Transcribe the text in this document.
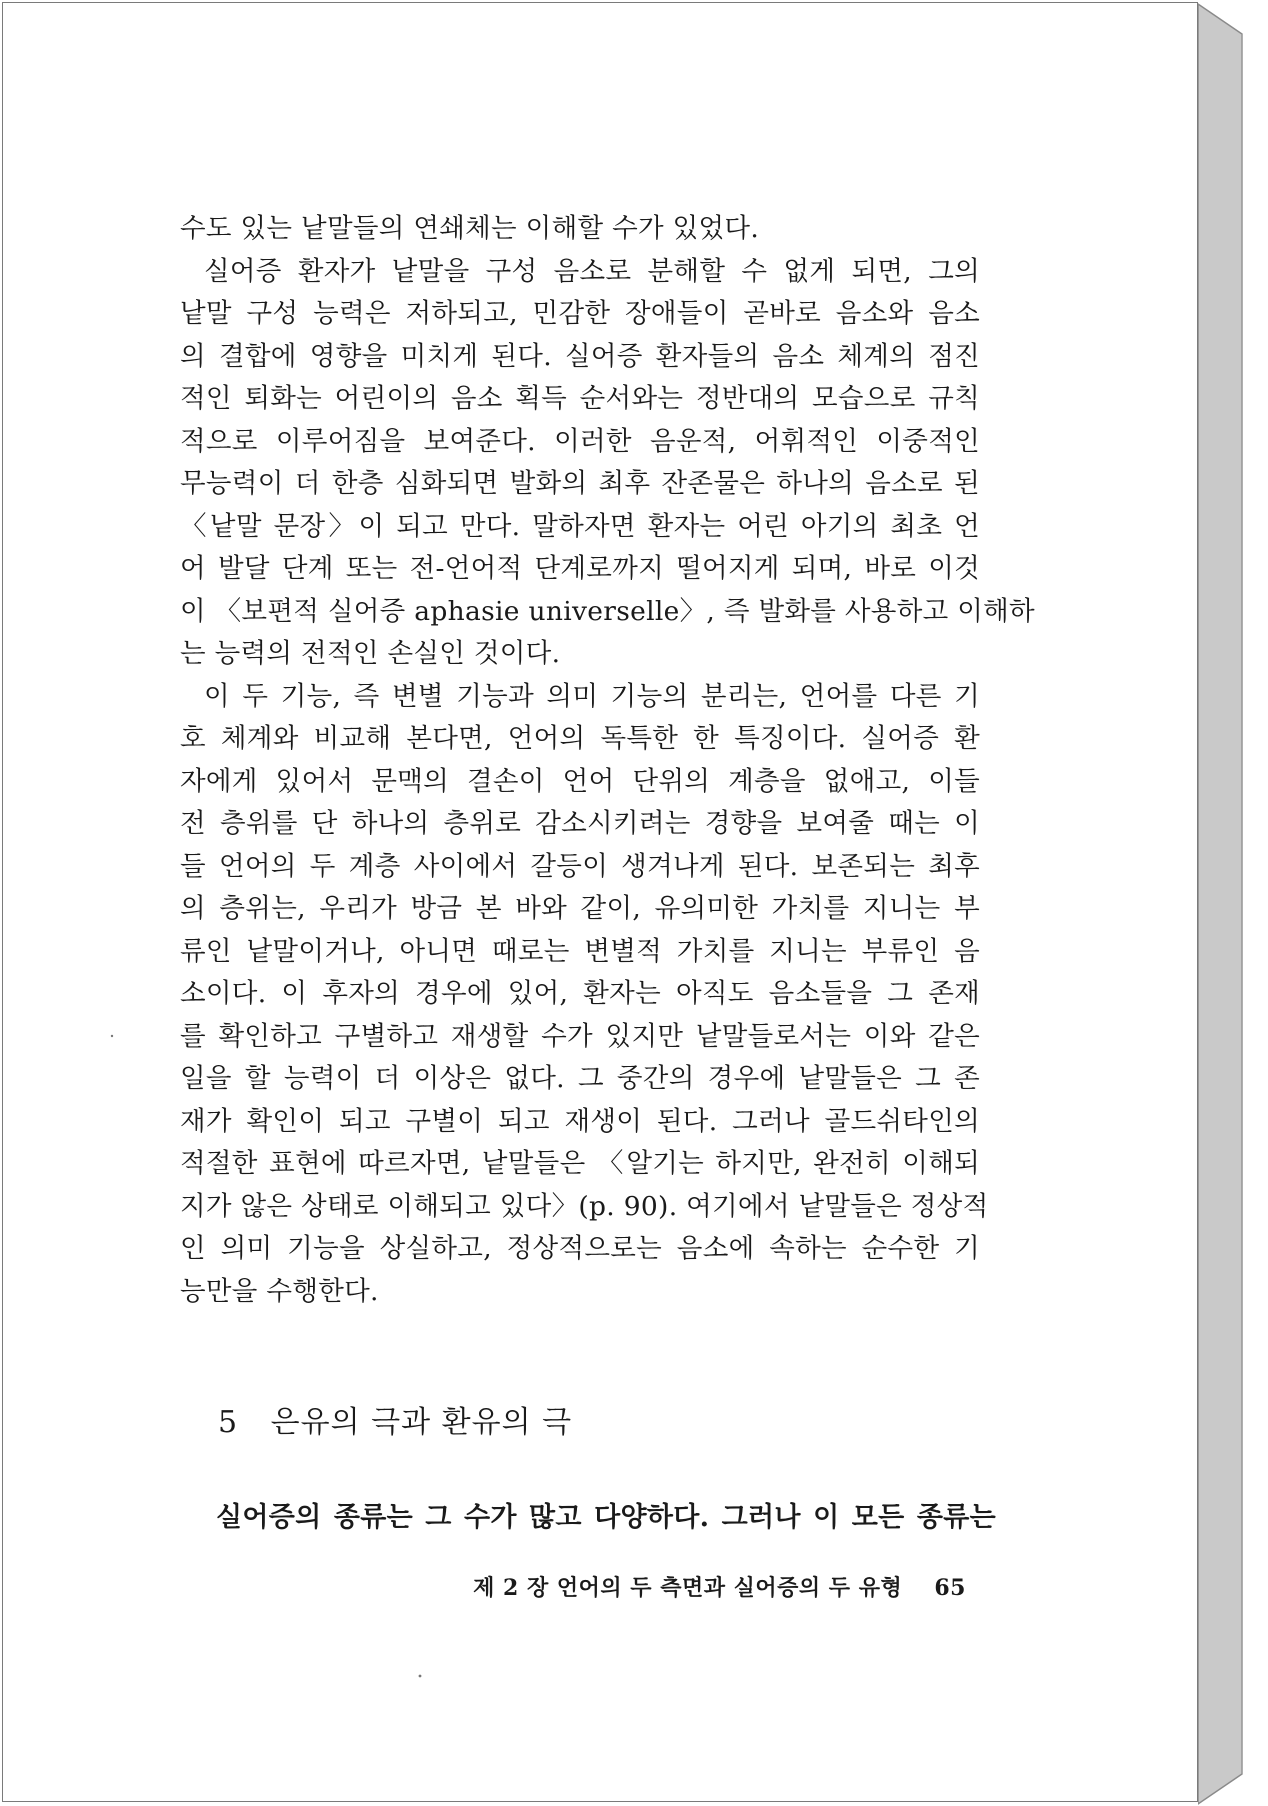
수도 있는 낱말들의 연쇄체는 이해할 수가 있었다.
실어증 환자가 낱말을 구성 음소로 분해할 수 없게 되면, 그의
낱말 구성 능력은 저하되고, 민감한 장애들이 곧바로 음소와 음소
의 결합에 영향을 미치게 된다. 실어증 환자들의 음소 체계의 점진
적인 퇴화는 어린이의 음소 획득 순서와는 정반대의 모습으로 규칙
적으로 이루어짐을 보여준다. 이러한 음운적, 어휘적인 이중적인
무능력이 더 한층 심화되면 발화의 최후 잔존물은 하나의 음소로 된
〈낱말 문장〉이 되고 만다. 말하자면 환자는 어린 아기의 최초 언
어 발달 단계 또는 전-언어적 단계로까지 떨어지게 되며, 바로 이것
이 〈보편적 실어증 aphasie universelle〉, 즉 발화를 사용하고 이해하
는 능력의 전적인 손실인 것이다.
이 두 기능, 즉 변별 기능과 의미 기능의 분리는, 언어를 다른 기
호 체계와 비교해 본다면, 언어의 독특한 한 특징이다. 실어증 환
자에게 있어서 문맥의 결손이 언어 단위의 계층을 없애고, 이들
전 층위를 단 하나의 층위로 감소시키려는 경향을 보여줄 때는 이
들 언어의 두 계층 사이에서 갈등이 생겨나게 된다. 보존되는 최후
의 층위는, 우리가 방금 본 바와 같이, 유의미한 가치를 지니는 부
류인 낱말이거나, 아니면 때로는 변별적 가치를 지니는 부류인 음
소이다. 이 후자의 경우에 있어, 환자는 아직도 음소들을 그 존재
를 확인하고 구별하고 재생할 수가 있지만 낱말들로서는 이와 같은
일을 할 능력이 더 이상은 없다. 그 중간의 경우에 낱말들은 그 존
재가 확인이 되고 구별이 되고 재생이 된다. 그러나 골드쉬타인의
적절한 표현에 따르자면, 낱말들은 〈알기는 하지만, 완전히 이해되
지가 않은 상태로 이해되고 있다〉(p. 90). 여기에서 낱말들은 정상적
인 의미 기능을 상실하고, 정상적으로는 음소에 속하는 순수한 기
능만을 수행한다.
5 은유의 극과 환유의 극

실어증의 종류는 그 수가 많고 다양하다. 그러나 이 모든 종류는

제 2 장 언어의 두 측면과 실어증의 두 유형 65
